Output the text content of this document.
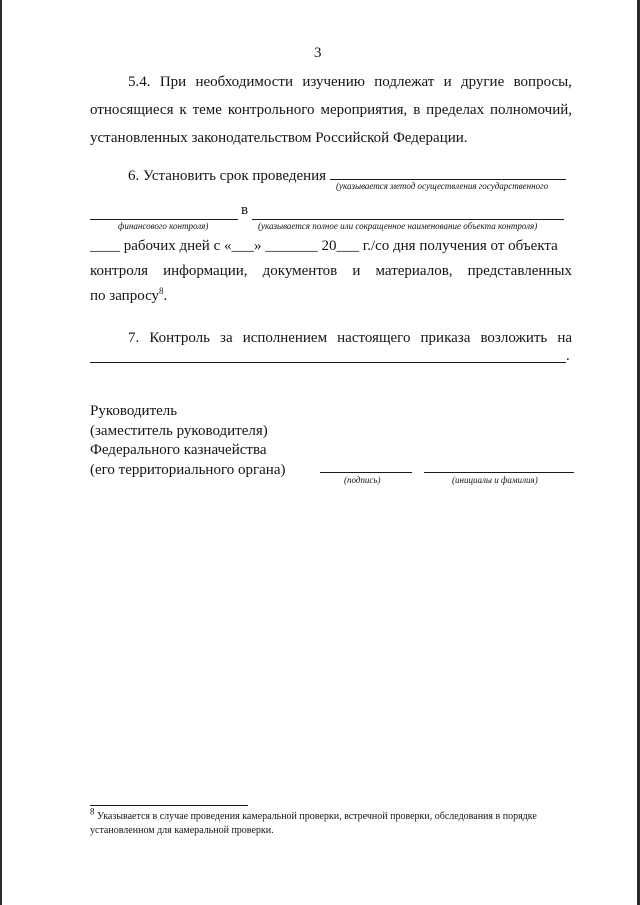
3
5.4. При необходимости изучению подлежат и другие вопросы,
относящиеся к теме контрольного мероприятия, в пределах полномочий,
установленных законодательством Российской Федерации.
6. Установить срок проведения
(указывается метод осуществления государственного
финансового контроля)
в
(указывается полное или сокращенное наименование объекта контроля)
____ рабочих дней с «___» _______ 20___ г./со дня получения от объекта
контроля информации, документов и материалов, представленных
по запросу$^8$.
7. Контроль за исполнением настоящего приказа возложить на
.
Руководитель
(заместитель руководителя)
Федерального казначейства
(его территориального органа)
(подпись)	(инициалы и фамилия)
$^8$ Указывается в случае проведения камеральной проверки, встречной проверки, обследования в порядке
установленном для камеральной проверки.
